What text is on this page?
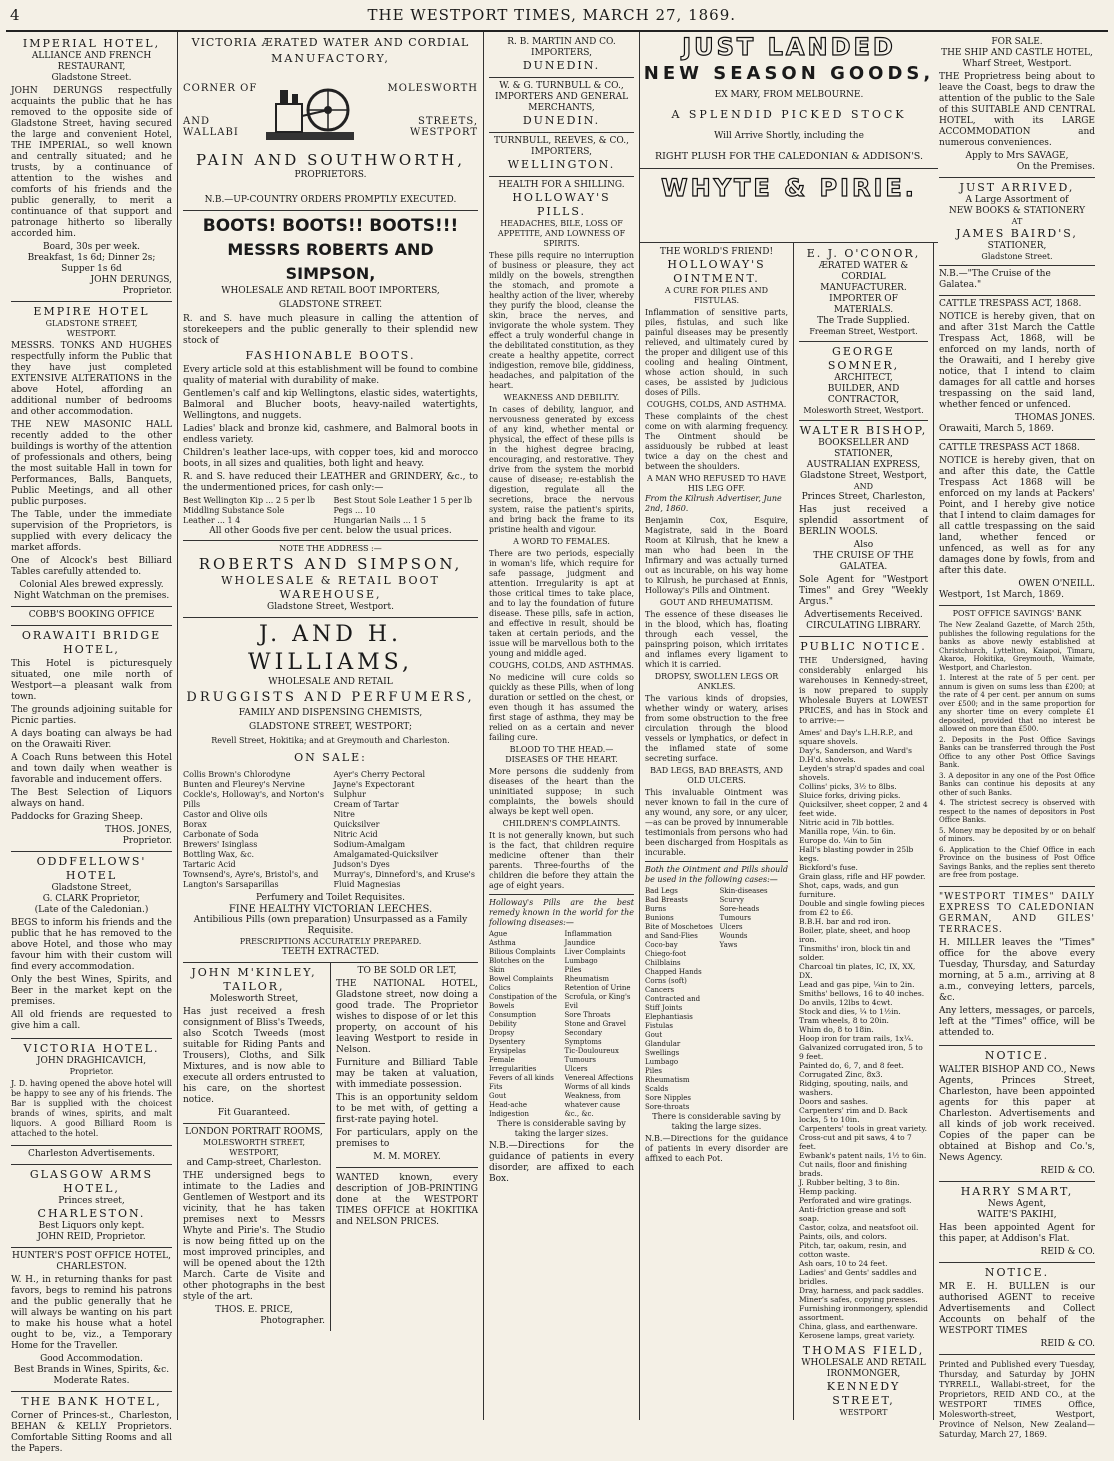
4	THE WESTPORT TIMES, MARCH 27, 1869.
IMPERIAL HOTEL,
ALLIANCE AND FRENCH RESTAURANT,
Gladstone Street.
JOHN DERUNGS respectfully acquaints the public that he has removed to the opposite side of Gladstone Street, having secured the large and convenient Hotel, THE IMPERIAL, so well known and centrally situated; and he trusts, by a continuance of attention to the wishes and comforts of his friends and the public generally, to merit a continuance of that support and patronage hitherto so liberally accorded him.
Board, 30s per week.
Breakfast, 1s 6d; Dinner 2s; Supper 1s 6d
JOHN DERUNGS,
Proprietor.
EMPIRE HOTEL
GLADSTONE STREET,
WESTPORT.
MESSRS. TONKS AND HUGHES respectfully inform the Public that they have just completed EXTENSIVE ALTERATIONS in the above Hotel, affording an additional number of bedrooms and other accommodation.
THE NEW MASONIC HALL recently added to the other buildings is worthy of the attention of professionals and others, being the most suitable Hall in town for Performances, Balls, Banquets, Public Meetings, and all other public purposes.
The Table, under the immediate supervision of the Proprietors, is supplied with every delicacy the market affords.
One of Alcock's best Billiard Tables carefully attended to.
Colonial Ales brewed expressly.
Night Watchman on the premises.
COBB'S BOOKING OFFICE
ORAWAITI BRIDGE HOTEL,
This Hotel is picturesquely situated, one mile north of Westport—a pleasant walk from town.
The grounds adjoining suitable for Picnic parties.
A days boating can always be had on the Orawaiti River.
A Coach Runs between this Hotel and town daily when weather is favorable and inducement offers.
The Best Selection of Liquors always on hand.
Paddocks for Grazing Sheep.
THOS. JONES,
Proprietor.
ODDFELLOWS' HOTEL
Gladstone Street,
G. CLARK Proprietor,
(Late of the Caledonian.)
BEGS to inform his friends and the public that he has removed to the above Hotel, and those who may favour him with their custom will find every accommodation.
Only the best Wines, Spirits, and Beer in the market kept on the premises.
All old friends are requested to give him a call.
VICTORIA HOTEL.
JOHN DRAGHICAVICH,
Proprietor.
J. D. having opened the above hotel will be happy to see any of his friends. The Bar is supplied with the choicest brands of wines, spirits, and malt liquors. A good Billiard Room is attached to the hotel.
Charleston Advertisements.
GLASGOW ARMS HOTEL,
Princes street,
CHARLESTON.
Best Liquors only kept.
JOHN REID, Proprietor.
HUNTER'S POST OFFICE HOTEL, CHARLESTON.
W. H., in returning thanks for past favors, begs to remind his patrons and the public generally that he will always be wanting on his part to make his house what a hotel ought to be, viz., a Temporary Home for the Traveller.
Good Accommodation.
Best Brands in Wines, Spirits, &c.
Moderate Rates.
THE BANK HOTEL,
Corner of Princes-st., Charleston, BEHAN & KELLY Proprietors. Comfortable Sitting Rooms and all the Papers.
VICTORIA ÆRATED WATER AND CORDIAL
MANUFACTORY,
CORNER OF
AND WALLABI
MOLESWORTH
STREETS, WESTPORT
PAIN AND SOUTHWORTH,
PROPRIETORS.
N.B.—UP-COUNTRY ORDERS PROMPTLY EXECUTED.
BOOTS! BOOTS!! BOOTS!!!
MESSRS ROBERTS AND SIMPSON,
WHOLESALE AND RETAIL BOOT IMPORTERS,
GLADSTONE STREET.
R. and S. have much pleasure in calling the attention of storekeepers and the public generally to their splendid new stock of
FASHIONABLE BOOTS.
Every article sold at this establishment will be found to combine quality of material with durability of make.
Gentlemen's calf and kip Wellingtons, elastic sides, watertights, Balmoral and Blucher boots, heavy-nailed watertights, Wellingtons, and nuggets.
Ladies' black and bronze kid, cashmere, and Balmoral boots in endless variety.
Children's leather lace-ups, with copper toes, kid and morocco boots, in all sizes and qualities, both light and heavy.
R. and S. have reduced their LEATHER and GRINDERY, &c., to the undermentioned prices, for cash only:—
Best Wellington Kip ... 2 5 per lb
Middling Substance Sole
Leather ... 1 4
Best Stout Sole Leather 1 5 per lb
Pegs ... 10
Hungarian Nails ... 1 5
All other Goods five per cent. below the usual prices.
NOTE THE ADDRESS :—
ROBERTS AND SIMPSON,
WHOLESALE & RETAIL BOOT WAREHOUSE,
Gladstone Street, Westport.
J. AND H. WILLIAMS,
WHOLESALE AND RETAIL
DRUGGISTS AND PERFUMERS,
FAMILY AND DISPENSING CHEMISTS,
GLADSTONE STREET, WESTPORT;
Revell Street, Hokitika; and at Greymouth and Charleston.
ON SALE:
Collis Brown's Chlorodyne
Bunten and Fleurey's Nervine
Cockle's, Holloway's, and Norton's Pills
Castor and Olive oils
Borax
Carbonate of Soda
Brewers' Isinglass
Bottling Wax, &c.
Tartaric Acid
Townsend's, Ayre's, Bristol's, and Langton's Sarsaparillas
Ayer's Cherry Pectoral
Jayne's Expectorant
Sulphur
Cream of Tartar
Nitre
Quicksilver
Nitric Acid
Sodium-Amalgam
Amalgamated-Quicksilver
Judson's Dyes
Murray's, Dinneford's, and Kruse's Fluid Magnesias
Perfumery and Toilet Requisites.
FINE HEALTHY VICTORIAN LEECHES.
Antibilious Pills (own preparation) Unsurpassed as a Family Requisite.
PRESCRIPTIONS ACCURATELY PREPARED.
TEETH EXTRACTED.
JOHN M'KINLEY, TAILOR,
Molesworth Street,
Has just received a fresh consignment of Bliss's Tweeds, also Scotch Tweeds (most suitable for Riding Pants and Trousers), Cloths, and Silk Mixtures, and is now able to execute all orders entrusted to his care, on the shortest notice.
Fit Guaranteed.
LONDON PORTRAIT ROOMS,
MOLESWORTH STREET, WESTPORT,
and Camp-street, Charleston.
THE undersigned begs to intimate to the Ladies and Gentlemen of Westport and its vicinity, that he has taken premises next to Messrs Whyte and Pirie's. The Studio is now being fitted up on the most improved principles, and will be opened about the 12th March. Carte de Visite and other photographs in the best style of the art.
THOS. E. PRICE,
Photographer.
TO BE SOLD OR LET,
THE NATIONAL HOTEL, Gladstone street, now doing a good trade. The Proprietor wishes to dispose of or let this property, on account of his leaving Westport to reside in Nelson.
Furniture and Billiard Table may be taken at valuation, with immediate possession.
This is an opportunity seldom to be met with, of getting a first-rate paying hotel.
For particulars, apply on the premises to
M. M. MOREY.
WANTED known, every description of JOB-PRINTING done at the WESTPORT TIMES OFFICE at HOKITIKA and NELSON PRICES.
R. B. MARTIN AND CO.
IMPORTERS,
DUNEDIN.
W. & G. TURNBULL & CO.,
IMPORTERS AND GENERAL MERCHANTS,
DUNEDIN.
TURNBULL, REEVES, & CO.,
IMPORTERS,
WELLINGTON.
HEALTH FOR A SHILLING.
HOLLOWAY'S PILLS.
HEADACHES, BILE, LOSS OF APPETITE, AND LOWNESS OF SPIRITS.
These pills require no interruption of business or pleasure, they act mildly on the bowels, strengthen the stomach, and promote a healthy action of the liver, whereby they purify the blood, cleanse the skin, brace the nerves, and invigorate the whole system. They effect a truly wonderful change in the debilitated constitution, as they create a healthy appetite, correct indigestion, remove bile, giddiness, headaches, and palpitation of the heart.
WEAKNESS AND DEBILITY.
In cases of debility, languor, and nervousness generated by excess of any kind, whether mental or physical, the effect of these pills is in the highest degree bracing, encouraging, and restorative. They drive from the system the morbid cause of disease; re-establish the digestion, regulate all the secretions, brace the nervous system, raise the patient's spirits, and bring back the frame to its pristine health and vigour.
A WORD TO FEMALES.
There are two periods, especially in woman's life, which require for safe passage, judgment and attention. Irregularity is apt at those critical times to take place, and to lay the foundation of future disease. These pills, safe in action, and effective in result, should be taken at certain periods, and the issue will be marvellous both to the young and middle aged.
COUGHS, COLDS, AND ASTHMAS.
No medicine will cure colds so quickly as these Pills, when of long duration or settled on the chest, or even though it has assumed the first stage of asthma, they may be relied on as a certain and never failing cure.
BLOOD TO THE HEAD.—DISEASES OF THE HEART.
More persons die suddenly from diseases of the heart than the uninitiated suppose; in such complaints, the bowels should always be kept well open.
CHILDREN'S COMPLAINTS.
It is not generally known, but such is the fact, that children require medicine oftener than their parents. Three-fourths of the children die before they attain the age of eight years.
Holloway's Pills are the best remedy known in the world for the following diseases:—
Ague
Asthma
Bilious Complaints
Blotches on the Skin
Bowel Complaints
Colics
Constipation of the Bowels
Consumption
Debility
Dropsy
Dysentery
Erysipelas
Female Irregularities
Fevers of all kinds
Fits
Gout
Head-ache
Indigestion
Inflammation
Jaundice
Liver Complaints
Lumbago
Piles
Rheumatism
Retention of Urine
Scrofula, or King's Evil
Sore Throats
Stone and Gravel
Secondary Symptoms
Tic-Douloureux
Tumours
Ulcers
Venereal Affections
Worms of all kinds
Weakness, from whatever cause
&c., &c.
There is considerable saving by taking the larger sizes.
N.B.—Directions for the guidance of patients in every disorder, are affixed to each Box.
THE WORLD'S FRIEND!
HOLLOWAY'S OINTMENT.
A CURE FOR PILES AND FISTULAS.
Inflammation of sensitive parts, piles, fistulas, and such like painful diseases may be presently relieved, and ultimately cured by the proper and diligent use of this cooling and healing Ointment, whose action should, in such cases, be assisted by judicious doses of Pills.
COUGHS, COLDS, AND ASTHMA.
These complaints of the chest come on with alarming frequency. The Ointment should be assiduously be rubbed at least twice a day on the chest and between the shoulders.
A MAN WHO REFUSED TO HAVE HIS LEG OFF.
From the Kilrush Advertiser, June 2nd, 1860.
Benjamin Cox, Esquire, Magistrate, said in the Board Room at Kilrush, that he knew a man who had been in the Infirmary and was actually turned out as incurable, on his way home to Kilrush, he purchased at Ennis, Holloway's Pills and Ointment.
GOUT AND RHEUMATISM.
The essence of these diseases lie in the blood, which has, floating through each vessel, the painspring poison, which irritates and inflames every ligament to which it is carried.
DROPSY, SWOLLEN LEGS OR ANKLES.
The various kinds of dropsies, whether windy or watery, arises from some obstruction to the free circulation through the blood vessels or lymphatics, or defect in the inflamed state of some secreting surface.
BAD LEGS, BAD BREASTS, AND OLD ULCERS.
This invaluable Ointment was never known to fail in the cure of any wound, any sore, or any ulcer,—as can be proved by innumerable testimonials from persons who had been discharged from Hospitals as incurable.
Both the Ointment and Pills should be used in the following cases:—
Bad Legs
Bad Breasts
Burns
Bunions
Bite of Moschetoes and Sand-Flies
Coco-bay
Chiego-foot
Chilblains
Chapped Hands
Corns (soft)
Cancers
Contracted and Stiff Joints
Elephantiasis
Fistulas
Gout
Glandular Swellings
Lumbago
Piles
Rheumatism
Scalds
Sore Nipples
Sore-throats
Skin-diseases
Scurvy
Sore-heads
Tumours
Ulcers
Wounds
Yaws
There is considerable saving by taking the large sizes.
N.B.—Directions for the guidance of patients in every disorder are affixed to each Pot.
E. J. O'CONOR,
ÆRATED WATER & CORDIAL MANUFACTURER.
IMPORTER OF MATERIALS.
The Trade Supplied.
Freeman Street, Westport.
GEORGE SOMNER,
ARCHITECT,
BUILDER, AND CONTRACTOR,
Molesworth Street, Westport.
WALTER BISHOP,
BOOKSELLER AND STATIONER,
AUSTRALIAN EXPRESS,
Gladstone Street, Westport,
AND
Princes Street, Charleston,
Has just received a splendid assortment of BERLIN WOOLS.
Also
THE CRUISE OF THE GALATEA.
Sole Agent for "Westport Times" and Grey "Weekly Argus."
Advertisements Received.
CIRCULATING LIBRARY.
PUBLIC NOTICE.
THE Undersigned, having considerably enlarged his warehouses in Kennedy-street, is now prepared to supply Wholesale Buyers at LOWEST PRICES, and has in Stock and to arrive:—
Ames' and Day's L.H.R.P., and square shovels.
Day's, Sanderson, and Ward's D.H'd. shovels.
Leyden's strap'd spades and coal shovels.
Collins' picks, 3½ to 8lbs.
Sluice forks, driving picks.
Quicksilver, sheet copper, 2 and 4 feet wide.
Nitric acid in 7lb bottles.
Manilla rope, ¼in. to 6in.
Europe do. ¼in to 5in
Hall's blasting powder in 25lb kegs.
Bickford's fuse.
Grain glass, rifle and HF powder.
Shot, caps, wads, and gun furniture.
Double and single fowling pieces from £2 to £6.
B.B.H. bar and rod iron.
Boiler, plate, sheet, and hoop iron.
Tinsmiths' iron, block tin and solder.
Charcoal tin plates, IC, IX, XX, DX.
Lead and gas pipe, ¼in to 2in.
Smiths' bellows, 16 to 40 inches.
Do anvils, 12lbs to 4cwt.
Stock and dies, ¼ to 1½in.
Tram wheels, 8 to 20in.
Whim do, 8 to 18in.
Hoop iron for tram rails, 1x¼.
Galvanized corrugated iron, 5 to 9 feet.
Painted do, 6, 7, and 8 feet.
Corrugated Zinc, 8x3.
Ridging, spouting, nails, and washers.
Doors and sashes.
Carpenters' rim and D. Back locks, 5 to 10in.
Carpenters' tools in great variety.
Cross-cut and pit saws, 4 to 7 feet.
Ewbank's patent nails, 1½ to 6in.
Cut nails, floor and finishing brads.
J. Rubber belting, 3 to 8in.
Hemp packing.
Perforated and wire gratings.
Anti-friction grease and soft soap.
Castor, colza, and neatsfoot oil.
Paints, oils, and colors.
Pitch, tar, oakum, resin, and cotton waste.
Ash oars, 10 to 24 feet.
Ladies' and Gents' saddles and bridles.
Dray, harness, and pack saddles.
Miner's safes, copying presses.
Furnishing ironmongery, splendid assortment.
China, glass, and earthenware.
Kerosene lamps, great variety.
THOMAS FIELD,
WHOLESALE AND RETAIL IRONMONGER,
KENNEDY STREET,
WESTPORT
FOR SALE.
THE SHIP AND CASTLE HOTEL,
Wharf Street, Westport.
THE Proprietress being about to leave the Coast, begs to draw the attention of the public to the Sale of this SUITABLE AND CENTRAL HOTEL, with its LARGE ACCOMMODATION and numerous conveniences.
Apply to Mrs SAVAGE,
On the Premises.
JUST ARRIVED,
A Large Assortment of
NEW BOOKS & STATIONERY
AT
JAMES BAIRD'S,
STATIONER,
Gladstone Street.
N.B.—"The Cruise of the Galatea."
CATTLE TRESPASS ACT, 1868.
NOTICE is hereby given, that on and after 31st March the Cattle Trespass Act, 1868, will be enforced on my lands, north of the Orawaiti, and I hereby give notice, that I intend to claim damages for all cattle and horses trespassing on the said land, whether fenced or unfenced.
THOMAS JONES.
Orawaiti, March 5, 1869.
CATTLE TRESPASS ACT 1868.
NOTICE is hereby given, that on and after this date, the Cattle Trespass Act 1868 will be enforced on my lands at Packers' Point, and I hereby give notice that I intend to claim damages for all cattle trespassing on the said land, whether fenced or unfenced, as well as for any damages done by fowls, from and after this date.
OWEN O'NEILL.
Westport, 1st March, 1869.
POST OFFICE SAVINGS' BANK
The New Zealand Gazette, of March 25th, publishes the following regulations for the banks as above newly established at Christchurch, Lyttelton, Kaiapoi, Timaru, Akaroa, Hokitika, Greymouth, Waimate, Westport, and Charleston.
1. Interest at the rate of 5 per cent. per annum is given on sums less than £200; at the rate of 4 per cent. per annum on sums over £500; and in the same proportion for any shorter time on every complete £1 deposited, provided that no interest be allowed on more than £500.
2. Deposits in the Post Office Savings Banks can be transferred through the Post Office to any other Post Office Savings Bank.
3. A depositor in any one of the Post Office Banks can continue his deposits at any other of such Banks.
4. The strictest secrecy is observed with respect to the names of depositors in Post Office Banks.
5. Money may be deposited by or on behalf of minors.
6. Application to the Chief Office in each Province on the business of Post Office Savings Banks, and the replies sent thereto are free from postage.
"WESTPORT TIMES" DAILY EXPRESS TO CALEDONIAN GERMAN, AND GILES' TERRACES.
H. MILLER leaves the "Times" office for the above every Tuesday, Thursday, and Saturday morning, at 5 a.m., arriving at 8 a.m., conveying letters, parcels, &c.
Any letters, messages, or parcels, left at the "Times" office, will be attended to.
NOTICE.
WALTER BISHOP AND CO., News Agents, Princes Street, Charleston, have been appointed agents for this paper at Charleston. Advertisements and all kinds of job work received. Copies of the paper can be obtained at Bishop and Co.'s, News Agency.
REID & CO.
HARRY SMART,
News Agent,
WAITE'S PAKIHI,
Has been appointed Agent for this paper, at Addison's Flat.
REID & CO.
NOTICE.
MR E. H. BULLEN is our authorised AGENT to receive Advertisements and Collect Accounts on behalf of the WESTPORT TIMES
REID & CO.
Printed and Published every Tuesday, Thursday, and Saturday by JOHN TYRRELL, Wallabi-street, for the Proprietors, REID AND CO., at the WESTPORT TIMES Office, Molesworth-street, Westport, Province of Nelson, New Zealand—Saturday, March 27, 1869.
JUST LANDED
NEW SEASON GOODS,
EX MARY, FROM MELBOURNE.
A SPLENDID PICKED STOCK
Will Arrive Shortly, including the
RIGHT PLUSH FOR THE CALEDONIAN & ADDISON'S.
WHYTE & PIRIE.
